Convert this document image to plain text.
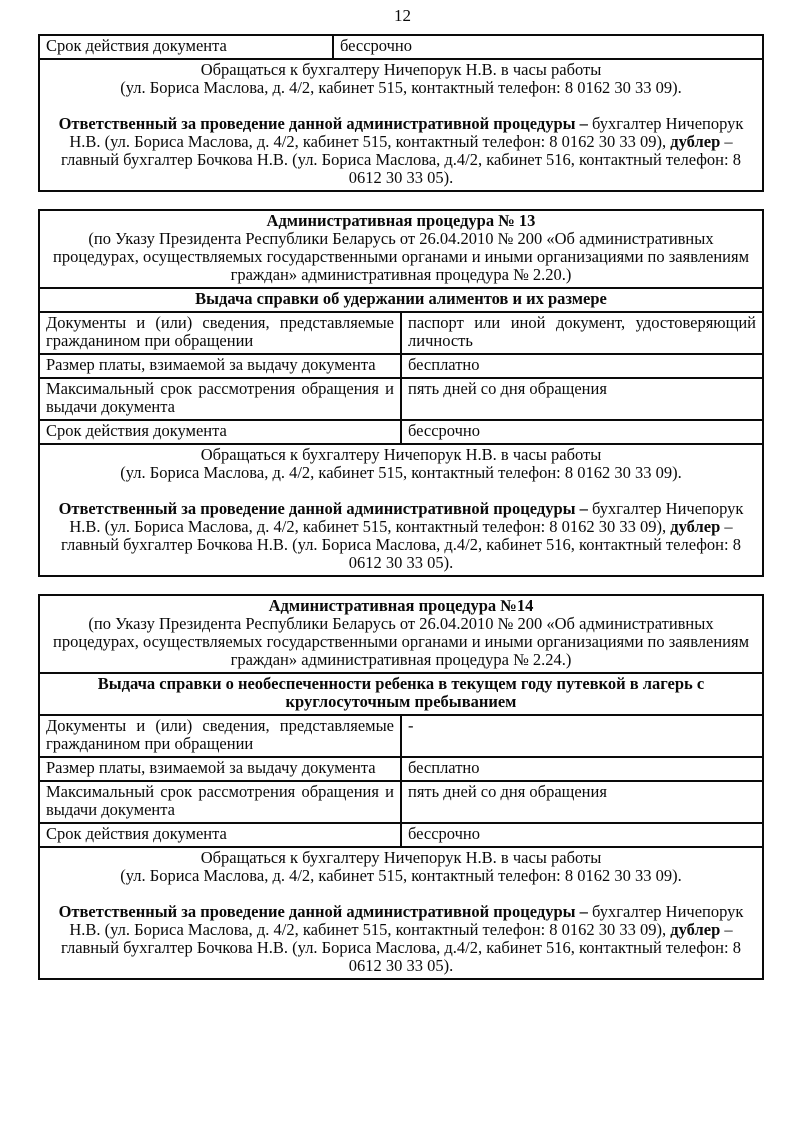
12
Срок действия документа	бессрочно

Обращаться к бухгалтеру Ничепорук Н.В. в часы работы
(ул. Бориса Маслова, д. 4/2, кабинет 515, контактный телефон: 8 0162 30 33 09).
Ответственный за проведение данной административной процедуры – бухгалтер Ничепорук Н.В. (ул. Бориса Маслова, д. 4/2, кабинет 515, контактный телефон: 8 0162 30 33 09), дублер – главный бухгалтер Бочкова Н.В. (ул. Бориса Маслова, д.4/2, кабинет 516, контактный телефон: 8 0612 30 33 05).
Административная процедура № 13
(по Указу Президента Республики Беларусь от 26.04.2010 № 200 «Об административных процедурах, осуществляемых государственными органами и иными организациями по заявлениям граждан» административная процедура № 2.20.)	

Выдача справки об удержании алиментов и их размере	
Документы и (или) сведения, представляемые гражданином при обращении	паспорт или иной документ, удостоверяющий личность
Размер платы, взимаемой за выдачу документа	бесплатно
Максимальный срок рассмотрения обращения и выдачи документа	пять дней со дня обращения
Срок действия документа	бессрочно

Обращаться к бухгалтеру Ничепорук Н.В. в часы работы
(ул. Бориса Маслова, д. 4/2, кабинет 515, контактный телефон: 8 0162 30 33 09).
Ответственный за проведение данной административной процедуры – бухгалтер Ничепорук Н.В. (ул. Бориса Маслова, д. 4/2, кабинет 515, контактный телефон: 8 0162 30 33 09), дублер – главный бухгалтер Бочкова Н.В. (ул. Бориса Маслова, д.4/2, кабинет 516, контактный телефон: 8 0612 30 33 05).	
Административная процедура №14
(по Указу Президента Республики Беларусь от 26.04.2010 № 200 «Об административных процедурах, осуществляемых государственными органами и иными организациями по заявлениям граждан» административная процедура № 2.24.)	

Выдача справки о необеспеченности ребенка в текущем году путевкой в лагерь с круглосуточным пребыванием	
Документы и (или) сведения, представляемые гражданином при обращении	-
Размер платы, взимаемой за выдачу документа	бесплатно
Максимальный срок рассмотрения обращения и выдачи документа	пять дней со дня обращения
Срок действия документа	бессрочно

Обращаться к бухгалтеру Ничепорук Н.В. в часы работы
(ул. Бориса Маслова, д. 4/2, кабинет 515, контактный телефон: 8 0162 30 33 09).
Ответственный за проведение данной административной процедуры – бухгалтер Ничепорук Н.В. (ул. Бориса Маслова, д. 4/2, кабинет 515, контактный телефон: 8 0162 30 33 09), дублер – главный бухгалтер Бочкова Н.В. (ул. Бориса Маслова, д.4/2, кабинет 516, контактный телефон: 8 0612 30 33 05).	
